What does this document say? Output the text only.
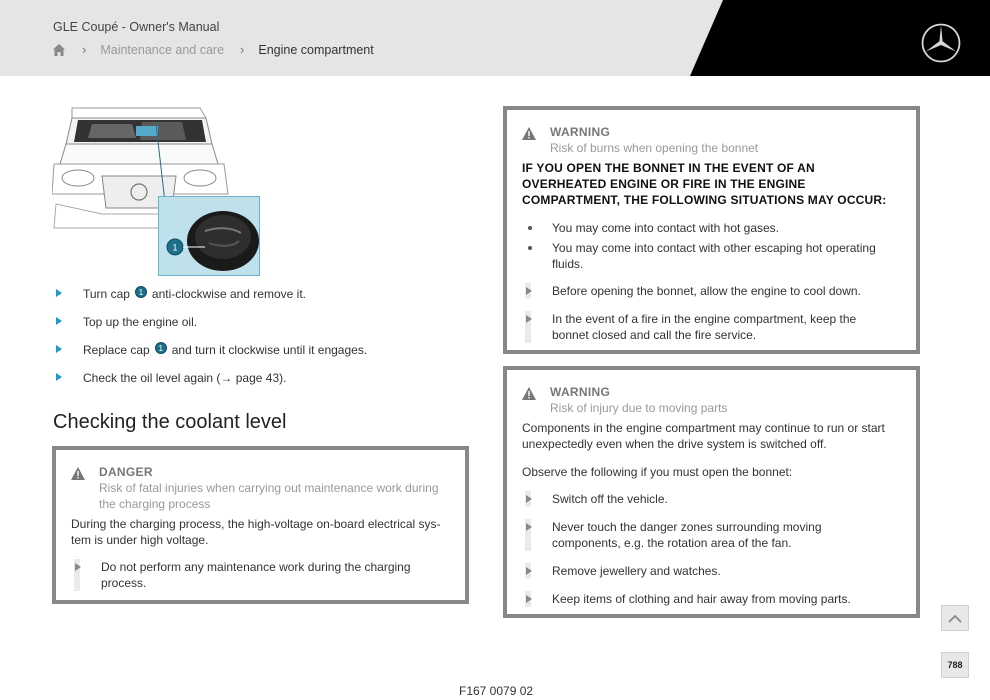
GLE Coupé - Owner's Manual
› Maintenance and care › Engine compartment
1
Turn cap	1 anti-clockwise and remove it.
Top up the engine oil.
Replace cap	1 and turn it clockwise until it engages.
Check the oil level again (→ page 43).
Checking the coolant level
DANGER
Risk of fatal injuries when carrying out maintenance work during the charging process
During the charging process, the high-voltage on-board electrical sys-
tem is under high voltage.
Do not perform any maintenance work during the charging process.
WARNING
Risk of burns when opening the bonnet
IF YOU OPEN THE BONNET IN THE EVENT OF AN OVERHEATED ENGINE OR FIRE IN THE ENGINE COMPARTMENT, THE FOLLOWING SITUATIONS MAY OCCUR:
You may come into contact with hot gases.
You may come into contact with other escaping hot operating fluids.
Before opening the bonnet, allow the engine to cool down.
In the event of a fire in the engine compartment, keep the bonnet closed and call the fire service.
WARNING
Risk of injury due to moving parts
Components in the engine compartment may continue to run or start unexpectedly even when the drive system is switched off.
Observe the following if you must open the bonnet:
Switch off the vehicle.
Never touch the danger zones surrounding moving components, e.g. the rotation area of the fan.
Remove jewellery and watches.
Keep items of clothing and hair away from moving parts.
F167 0079 02
788
